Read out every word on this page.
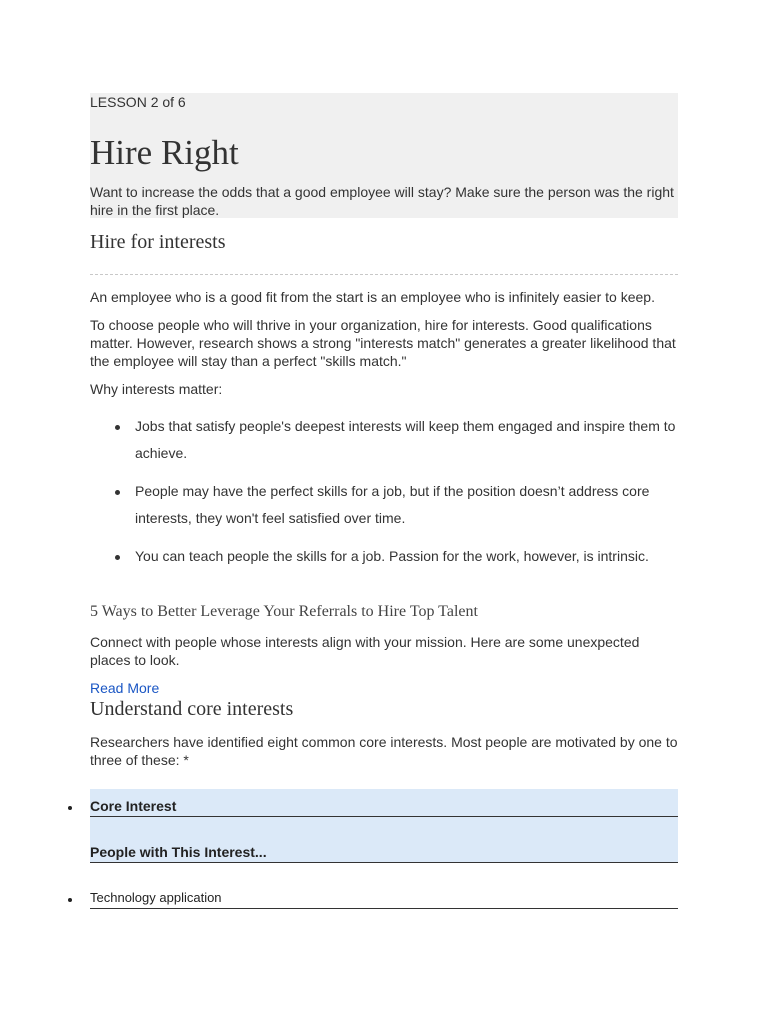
LESSON 2 of 6
Hire Right

Want to increase the odds that a good employee will stay? Make sure the person was the right hire in the first place.

Hire for interests

An employee who is a good fit from the start is an employee who is infinitely easier to keep.

To choose people who will thrive in your organization, hire for interests. Good qualifications matter. However, research shows a strong "interests match" generates a greater likelihood that the employee will stay than a perfect "skills match."

Why interests matter:

Jobs that satisfy people's deepest interests will keep them engaged and inspire them to achieve.
People may have the perfect skills for a job, but if the position doesn’t address core interests, they won't feel satisfied over time.
You can teach people the skills for a job. Passion for the work, however, is intrinsic.
5 Ways to Better Leverage Your Referrals to Hire Top Talent

Connect with people whose interests align with your mission. Here are some unexpected places to look.

Read More
Understand core interests

Researchers have identified eight common core interests. Most people are motivated by one to three of these: *

Core Interest
People with This Interest...
Technology application
